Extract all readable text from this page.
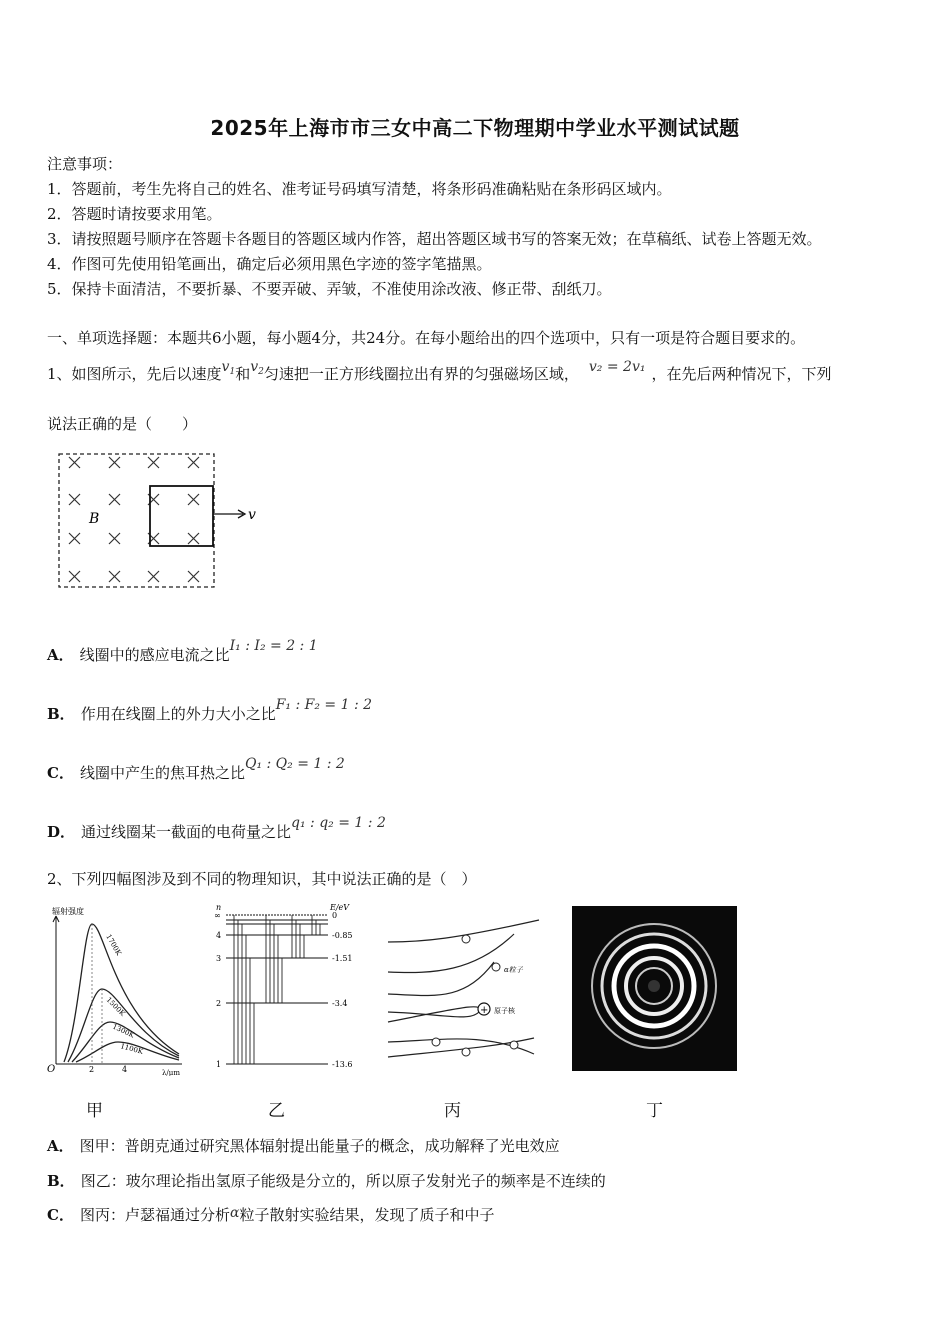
2025年上海市市三女中高二下物理期中学业水平测试试题
注意事项：
1．答题前，考生先将自己的姓名、准考证号码填写清楚，将条形码准确粘贴在条形码区域内。
2．答题时请按要求用笔。
3．请按照题号顺序在答题卡各题目的答题区域内作答，超出答题区域书写的答案无效；在草稿纸、试卷上答题无效。
4．作图可先使用铅笔画出，确定后必须用黑色字迹的签字笔描黑。
5．保持卡面清洁，不要折暴、不要弄破、弄皱，不准使用涂改液、修正带、刮纸刀。
一、单项选择题：本题共6小题，每小题4分，共24分。在每小题给出的四个选项中，只有一项是符合题目要求的。
1、如图所示，先后以速度$v_1$和$v_2$匀速把一正方形线圈拉出有界的匀强磁场区域， v₂ = 2v₁ ，在先后两种情况下，下列
说法正确的是（　　）
B	v
A． 线圈中的感应电流之比I₁ : I₂ = 2 : 1
B． 作用在线圈上的外力大小之比F₁ : F₂ = 1 : 2
C． 线圈中产生的焦耳热之比Q₁ : Q₂ = 1 : 2
D． 通过线圈某一截面的电荷量之比q₁ : q₂ = 1 : 2
2、下列四幅图涉及到不同的物理知识，其中说法正确的是（　）
辐射强度
O	λ/μm
2	4
1700K
1500K
1300K
1100K
n	E/eV
∞
4
3
2
1
0
-0.85
-1.51
-3.4
-13.6
+
α粒子
原子核
甲	乙	丙	丁
A． 图甲：普朗克通过研究黑体辐射提出能量子的概念，成功解释了光电效应
B． 图乙：玻尔理论指出氢原子能级是分立的，所以原子发射光子的频率是不连续的
C． 图丙：卢瑟福通过分析α粒子散射实验结果，发现了质子和中子
